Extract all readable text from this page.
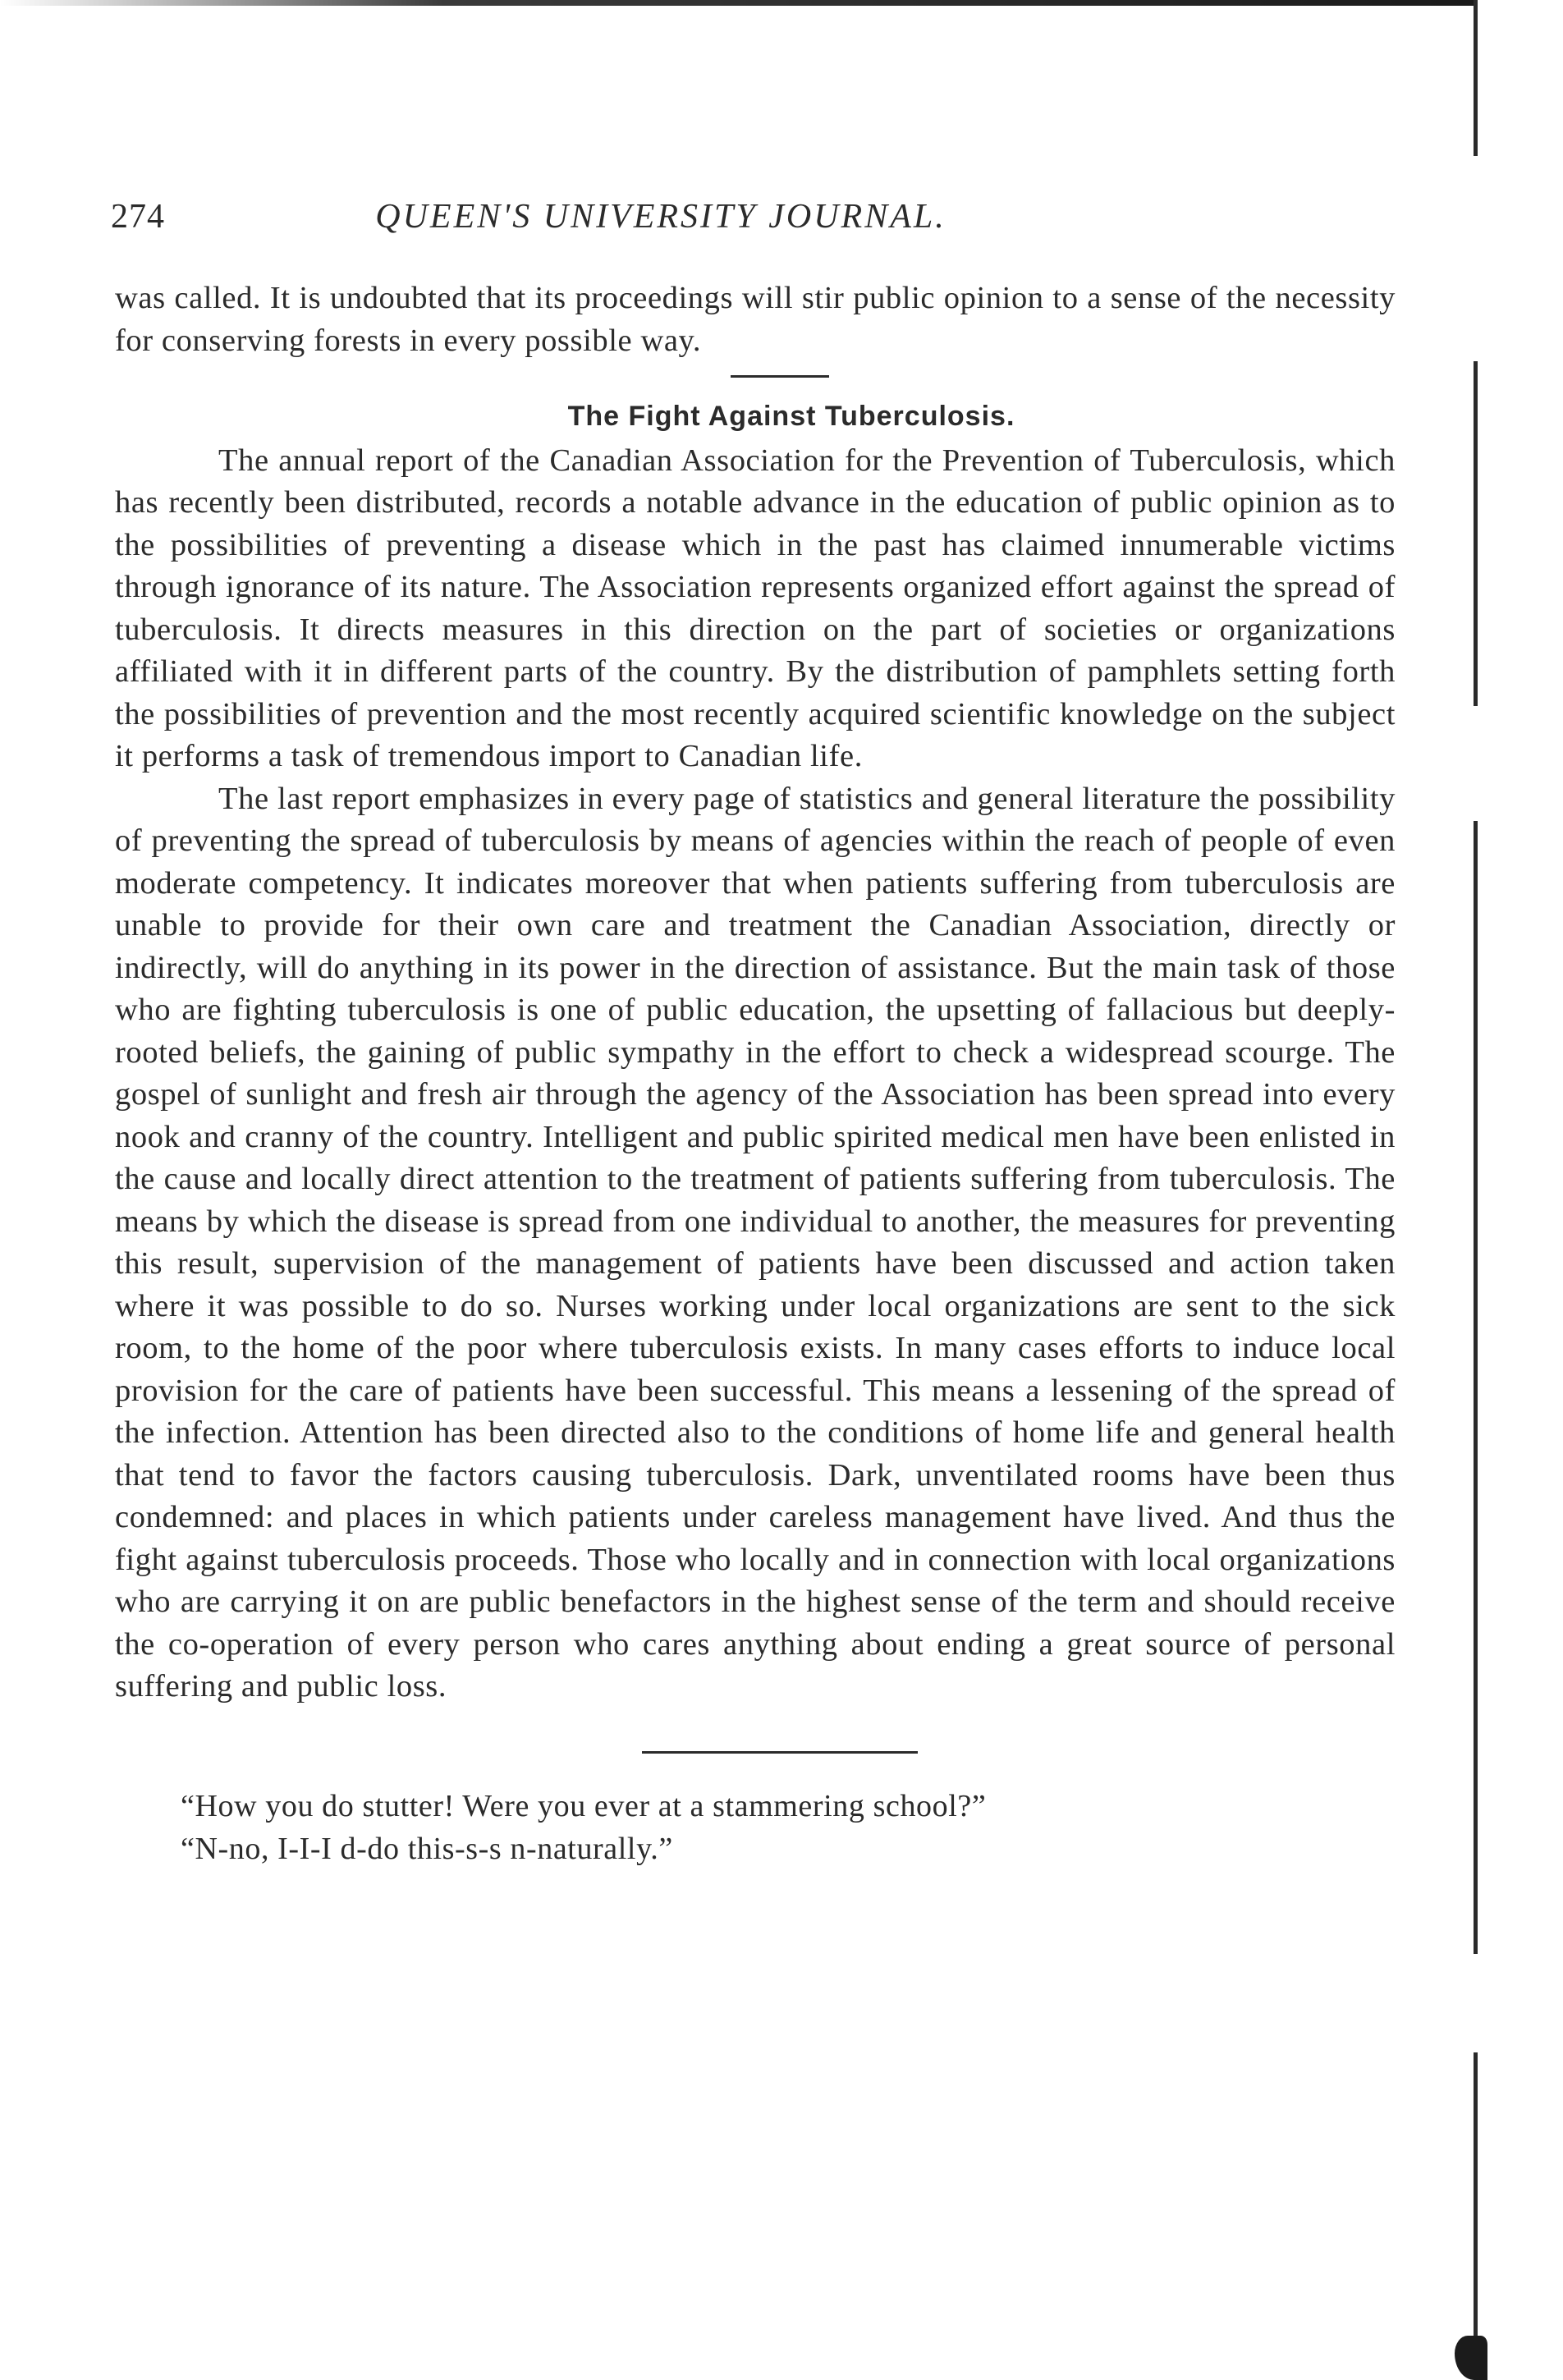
274	QUEEN'S UNIVERSITY JOURNAL.

was called. It is undoubted that its proceedings will stir public opinion to a sense of the necessity for conserving forests in every possible way.

The Fight Against Tuberculosis.

The annual report of the Canadian Association for the Prevention of Tuberculosis, which has recently been distributed, records a notable advance in the education of public opinion as to the possibilities of preventing a disease which in the past has claimed innumerable victims through ignorance of its nature. The Association represents organized effort against the spread of tuberculosis. It directs measures in this direction on the part of societies or organizations affiliated with it in different parts of the country. By the distribution of pamphlets setting forth the possibilities of prevention and the most recently acquired scientific knowledge on the subject it performs a task of tremendous import to Canadian life.

The last report emphasizes in every page of statistics and general literature the possibility of preventing the spread of tuberculosis by means of agencies within the reach of people of even moderate competency. It indicates moreover that when patients suffering from tuberculosis are unable to provide for their own care and treatment the Canadian Association, directly or indirectly, will do anything in its power in the direction of assistance. But the main task of those who are fighting tuberculosis is one of public education, the upsetting of fallacious but deeply-rooted beliefs, the gaining of public sympathy in the effort to check a widespread scourge. The gospel of sunlight and fresh air through the agency of the Association has been spread into every nook and cranny of the country. Intelligent and public spirited medical men have been enlisted in the cause and locally direct attention to the treatment of patients suffering from tuberculosis. The means by which the disease is spread from one individual to another, the measures for preventing this result, supervision of the management of patients have been discussed and action taken where it was possible to do so. Nurses working under local organizations are sent to the sick room, to the home of the poor where tuberculosis exists. In many cases efforts to induce local provision for the care of patients have been successful. This means a lessening of the spread of the infection. Attention has been directed also to the conditions of home life and general health that tend to favor the factors causing tuberculosis. Dark, unventilated rooms have been thus condemned: and places in which patients under careless management have lived. And thus the fight against tuberculosis proceeds. Those who locally and in connection with local organizations who are carrying it on are public benefactors in the highest sense of the term and should receive the co-operation of every person who cares anything about ending a great source of personal suffering and public loss.

“How you do stutter! Were you ever at a stammering school?”
“N-no, I-I-I d-do this-s-s n-naturally.”
